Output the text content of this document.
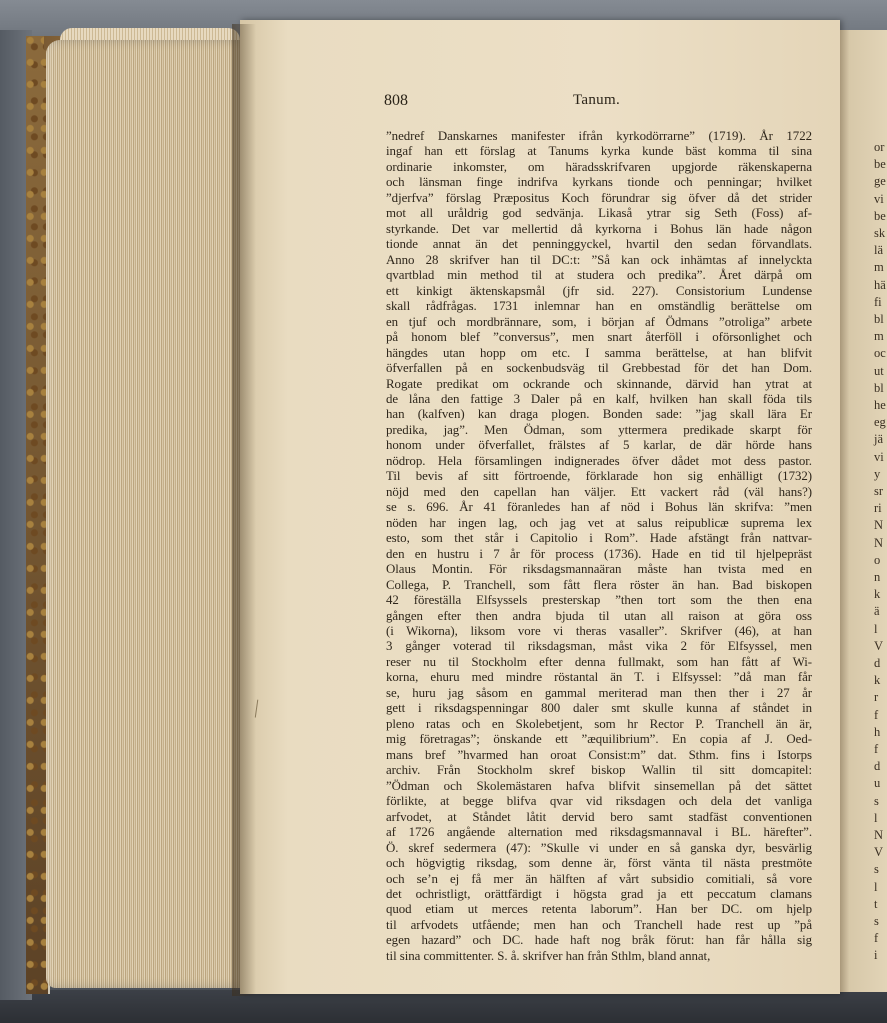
or
be
ge
vi
be
sk
lä
m
hä
fi
bl
m
oc
ut
bl
he
eg
jä
vi
y
sr
ri
N
N
o
n
k
ä
l
V
d
k
r
f
h
f
d
u
s
l
N
V
s
l
t
s
f
i
808	Tanum.
”nedref Danskarnes manifester ifrån kyrkodörrarne” (1719). År 1722
ingaf han ett förslag at Tanums kyrka kunde bäst komma til sina
ordinarie inkomster, om häradsskrifvaren upgjorde räkenskaperna
och länsman finge indrifva kyrkans tionde och penningar; hvilket
”djerfva” förslag Præpositus Koch förundrar sig öfver då det strider
mot all uråldrig god sedvänja. Likaså ytrar sig Seth (Foss) af-
styrkande. Det var mellertid då kyrkorna i Bohus län hade någon
tionde annat än det penninggyckel, hvartil den sedan förvandlats.
Anno 28 skrifver han til DC:t: ”Så kan ock inhämtas af innelyckta
qvartblad min method til at studera och predika”. Året därpå om
ett kinkigt äktenskapsmål (jfr sid. 227). Consistorium Lundense
skall rådfrågas. 1731 inlemnar han en omständlig berättelse om
en tjuf och mordbrännare, som, i början af Ödmans ”otroliga” arbete
på honom blef ”conversus”, men snart återföll i oförsonlighet och
hängdes utan hopp om etc. I samma berättelse, at han blifvit
öfverfallen på en sockenbudsväg til Grebbestad för det han Dom.
Rogate predikat om ockrande och skinnande, därvid han ytrat at
de låna den fattige 3 Daler på en kalf, hvilken han skall föda tils
han (kalfven) kan draga plogen. Bonden sade: ”jag skall lära Er
predika, jag”. Men Ödman, som yttermera predikade skarpt för
honom under öfverfallet, frälstes af 5 karlar, de där hörde hans
nödrop. Hela församlingen indignerades öfver dådet mot dess pastor.
Til bevis af sitt förtroende, förklarade hon sig enhälligt (1732)
nöjd med den capellan han väljer. Ett vackert råd (väl hans?)
se s. 696. År 41 föranledes han af nöd i Bohus län skrifva: ”men
nöden har ingen lag, och jag vet at salus reipublicæ suprema lex
esto, som thet står i Capitolio i Rom”. Hade afstängt från nattvar-
den en hustru i 7 år för process (1736). Hade en tid til hjelpepräst
Olaus Montin. För riksdagsmannaäran måste han tvista med en
Collega, P. Tranchell, som fått flera röster än han. Bad biskopen
42 föreställa Elfsyssels presterskap ”then tort som the then ena
gången efter then andra bjuda til utan all raison at göra oss
(i Wikorna), liksom vore vi theras vasaller”. Skrifver (46), at han
3 gånger voterad til riksdagsman, måst vika 2 för Elfsyssel, men
reser nu til Stockholm efter denna fullmakt, som han fått af Wi-
korna, ehuru med mindre röstantal än T. i Elfsyssel: ”då man får
se, huru jag såsom en gammal meriterad man then ther i 27 år
gett i riksdagspenningar 800 daler smt skulle kunna af ståndet in
pleno ratas och en Skolebetjent, som hr Rector P. Tranchell än är,
mig företragas”; önskande ett ”æquilibrium”. En copia af J. Oed-
mans bref ”hvarmed han oroat Consist:m” dat. Sthm. fins i Istorps
archiv. Från Stockholm skref biskop Wallin til sitt domcapitel:
”Ödman och Skolemästaren hafva blifvit sinsemellan på det sättet
förlikte, at begge blifva qvar vid riksdagen och dela det vanliga
arfvodet, at Ståndet låtit dervid bero samt stadfäst conventionen
af 1726 angående alternation med riksdagsmannaval i BL. härefter”.
Ö. skref sedermera (47): ”Skulle vi under en så ganska dyr, besvärlig
och högvigtig riksdag, som denne är, först vänta til nästa prestmöte
och se’n ej få mer än hälften af vårt subsidio comitiali, så vore
det ochristligt, orättfärdigt i högsta grad ja ett peccatum clamans
quod etiam ut merces retenta laborum”. Han ber DC. om hjelp
til arfvodets utfående; men han och Tranchell hade rest up ”på
egen hazard” och DC. hade haft nog bråk förut: han får hålla sig
til sina committenter. S. å. skrifver han från Sthlm, bland annat,
